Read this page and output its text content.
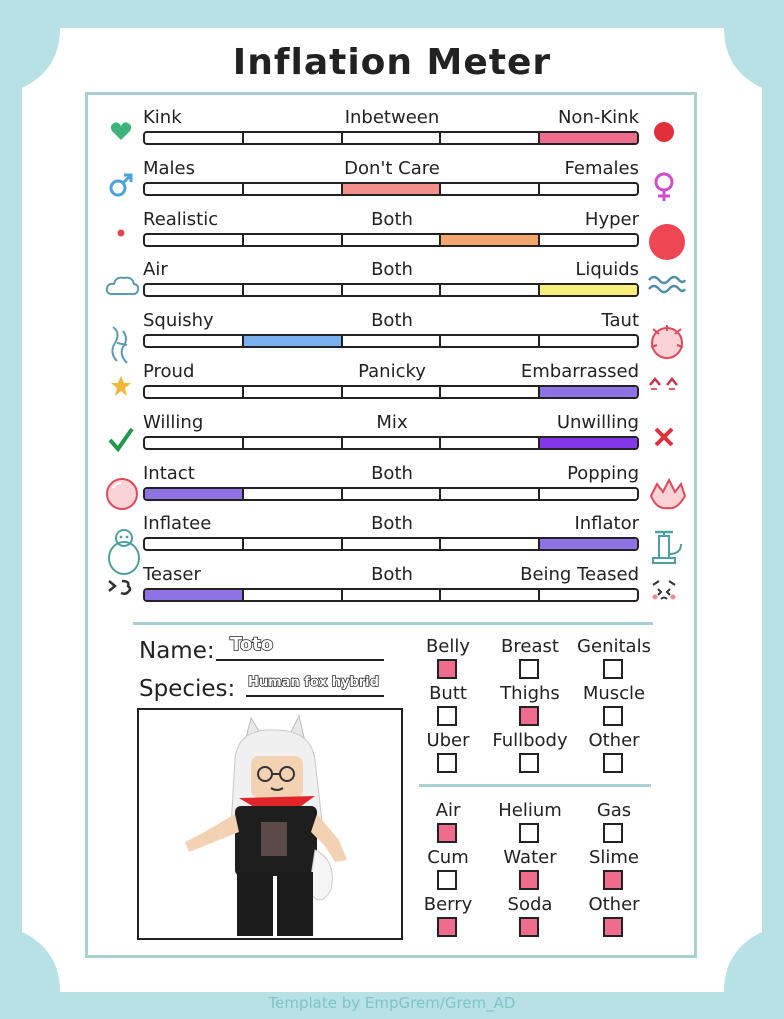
Inflation Meter
Kink	Inbetween	Non-Kink
Males	Don't Care	Females
Realistic	Both	Hyper
Air	Both	Liquids
Squishy	Both	Taut
Proud	Panicky	Embarrassed
Willing	Mix	Unwilling
Intact	Both	Popping
Inflatee	Both	Inflator
Teaser	Both	Being Teased
Name: Toto
Species: Human fox hybrid
Belly	Breast	Genitals
Butt	Thighs	Muscle
Uber	Fullbody	Other
Air	Helium	Gas
Cum	Water	Slime
Berry	Soda	Other
Template by EmpGrem/Grem_AD
